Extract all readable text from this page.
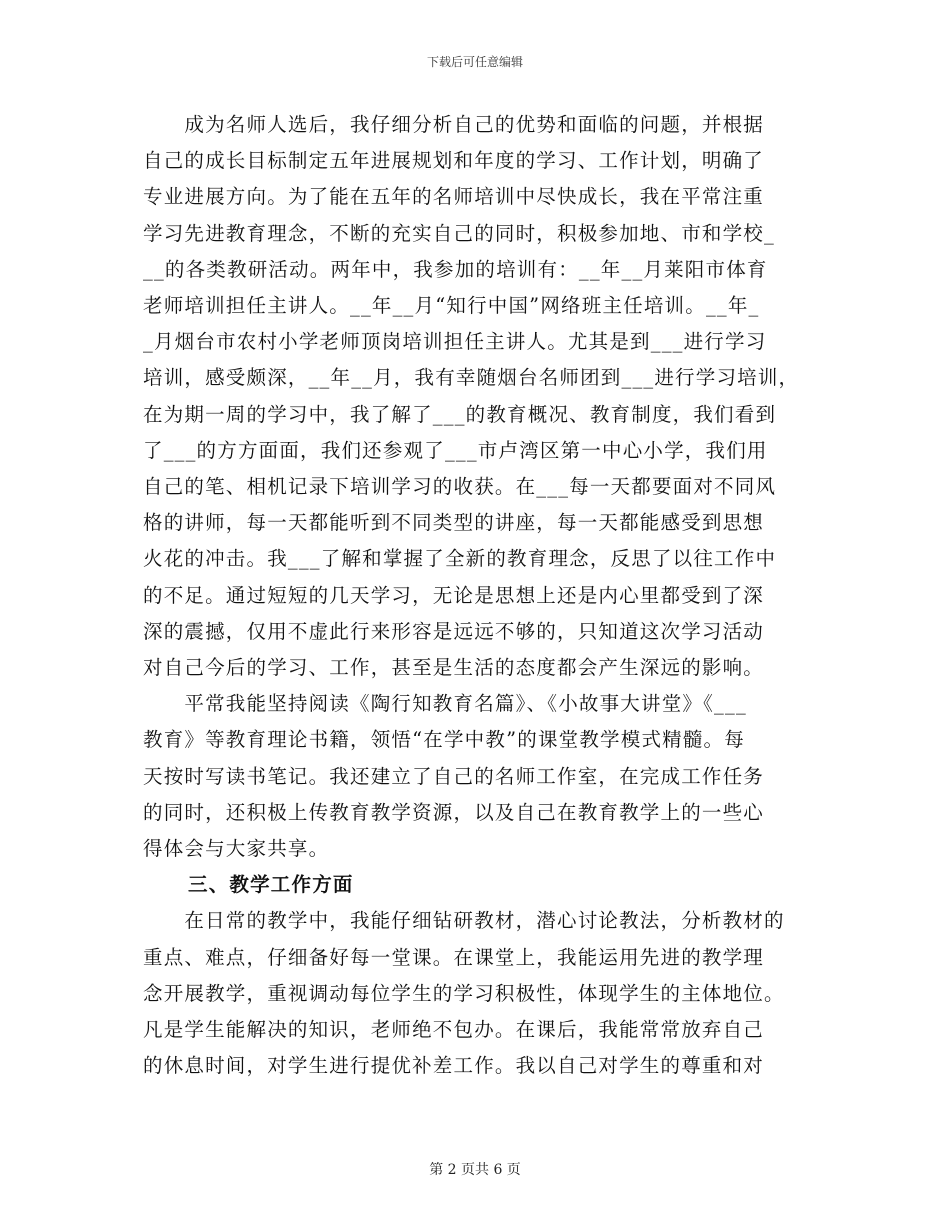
下载后可任意编辑
　　成为名师人选后，我仔细分析自己的优势和面临的问题，并根据
自己的成长目标制定五年进展规划和年度的学习、工作计划，明确了
专业进展方向。为了能在五年的名师培训中尽快成长，我在平常注重
学习先进教育理念，不断的充实自己的同时，积极参加地、市和学校_
__的各类教研活动。两年中，我参加的培训有：__年__月莱阳市体育
老师培训担任主讲人。__年__月“知行中国”网络班主任培训。__年_
_月烟台市农村小学老师顶岗培训担任主讲人。尤其是到___进行学习
培训，感受颇深，__年__月，我有幸随烟台名师团到___进行学习培训，
在为期一周的学习中，我了解了___的教育概况、教育制度，我们看到
了___的方方面面，我们还参观了___市卢湾区第一中心小学，我们用
自己的笔、相机记录下培训学习的收获。在___每一天都要面对不同风
格的讲师，每一天都能听到不同类型的讲座，每一天都能感受到思想
火花的冲击。我___了解和掌握了全新的教育理念，反思了以往工作中
的不足。通过短短的几天学习，无论是思想上还是内心里都受到了深
深的震撼，仅用不虚此行来形容是远远不够的，只知道这次学习活动
对自己今后的学习、工作，甚至是生活的态度都会产生深远的影响。
　　平常我能坚持阅读《陶行知教育名篇》、《小故事大讲堂》《___
教育》等教育理论书籍，领悟“在学中教”的课堂教学模式精髓。每
天按时写读书笔记。我还建立了自己的名师工作室，在完成工作任务
的同时，还积极上传教育教学资源，以及自己在教育教学上的一些心
得体会与大家共享。
三、教学工作方面
　　在日常的教学中，我能仔细钻研教材，潜心讨论教法，分析教材的
重点、难点，仔细备好每一堂课。在课堂上，我能运用先进的教学理
念开展教学，重视调动每位学生的学习积极性，体现学生的主体地位。
凡是学生能解决的知识，老师绝不包办。在课后，我能常常放弃自己
的休息时间，对学生进行提优补差工作。我以自己对学生的尊重和对
第 2 页共 6 页
